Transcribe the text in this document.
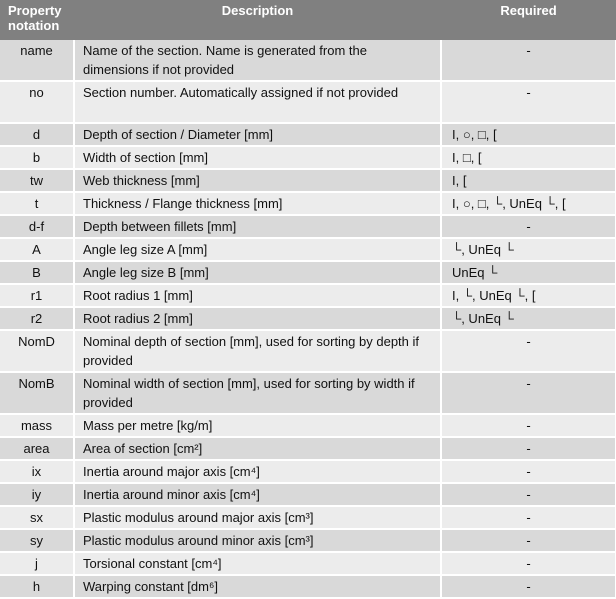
Property notation	Description	Required
name	Name of the section. Name is generated from the dimensions if not provided	-
no	Section number. Automatically assigned if not provided	-
d	Depth of section / Diameter [mm]	Ι, ○, □, [
b	Width of section [mm]	Ι, □, [
tw	Web thickness [mm]	Ι, [
t	Thickness / Flange thickness [mm]	Ι, ○, □, └, UnEq └, [
d-f	Depth between fillets [mm]	-
A	Angle leg size A [mm]	└, UnEq └
B	Angle leg size B [mm]	UnEq └
r1	Root radius 1 [mm]	Ι, └, UnEq └, [
r2	Root radius 2 [mm]	└, UnEq └
NomD	Nominal depth of section [mm], used for sorting by depth if provided	-
NomB	Nominal width of section [mm], used for sorting by width if provided	-
mass	Mass per metre [kg/m]	-
area	Area of section [cm²]	-
ix	Inertia around major axis [cm⁴]	-
iy	Inertia around minor axis [cm⁴]	-
sx	Plastic modulus around major axis [cm³]	-
sy	Plastic modulus around minor axis [cm³]	-
j	Torsional constant [cm⁴]	-
h	Warping constant [dm⁶]	-
